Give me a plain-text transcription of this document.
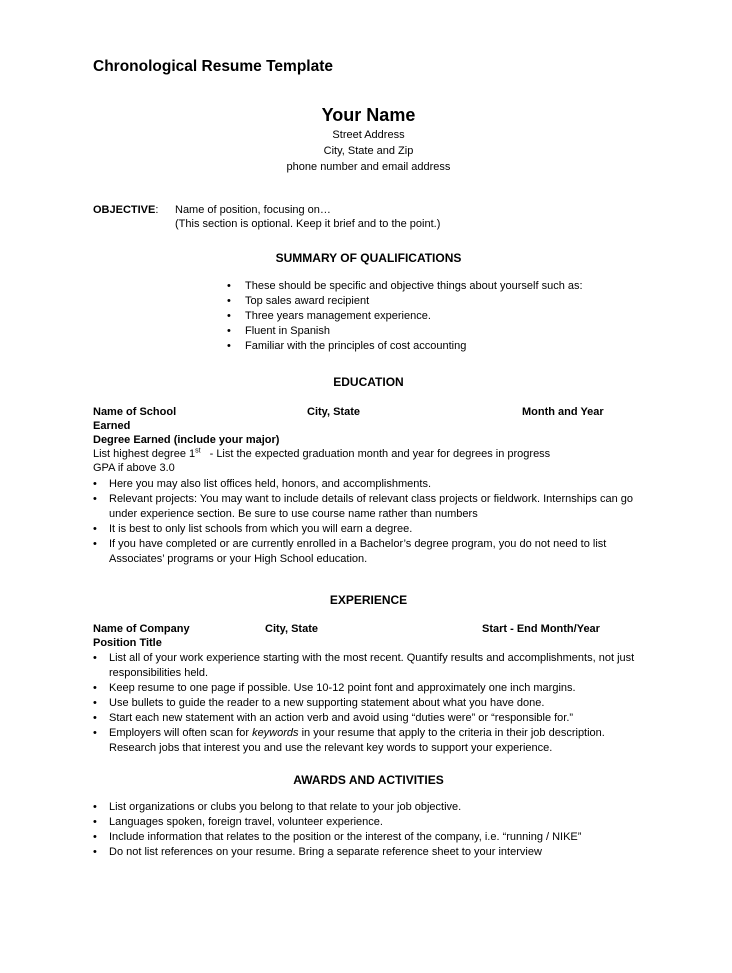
Chronological Resume Template
Your Name
Street Address
City, State and Zip
phone number and email address
OBJECTIVE:	Name of position, focusing on…
(This section is optional. Keep it brief and to the point.)
SUMMARY OF QUALIFICATIONS
•	These should be specific and objective things about yourself such as:
•	Top sales award recipient
•	Three years management experience.
•	Fluent in Spanish
•	Familiar with the principles of cost accounting
EDUCATION
Name of School	City, State	Month and Year
Earned
Degree Earned (include your major)
List highest degree 1st - List the expected graduation month and year for degrees in progress
GPA if above 3.0
•	Here you may also list offices held, honors, and accomplishments.
•	Relevant projects: You may want to include details of relevant class projects or fieldwork. Internships can go under experience section. Be sure to use course name rather than numbers
•	It is best to only list schools from which you will earn a degree.
•	If you have completed or are currently enrolled in a Bachelor’s degree program, you do not need to list Associates’ programs or your High School education.
EXPERIENCE
Name of Company	City, State	Start - End Month/Year
Position Title
•	List all of your work experience starting with the most recent. Quantify results and accomplishments, not just responsibilities held.
•	Keep resume to one page if possible. Use 10-12 point font and approximately one inch margins.
•	Use bullets to guide the reader to a new supporting statement about what you have done.
•	Start each new statement with an action verb and avoid using “duties were” or “responsible for.”
•	Employers will often scan for keywords in your resume that apply to the criteria in their job description. Research jobs that interest you and use the relevant key words to support your experience.
AWARDS AND ACTIVITIES
•	List organizations or clubs you belong to that relate to your job objective.
•	Languages spoken, foreign travel, volunteer experience.
•	Include information that relates to the position or the interest of the company, i.e. “running / NIKE”
•	Do not list references on your resume. Bring a separate reference sheet to your interview
